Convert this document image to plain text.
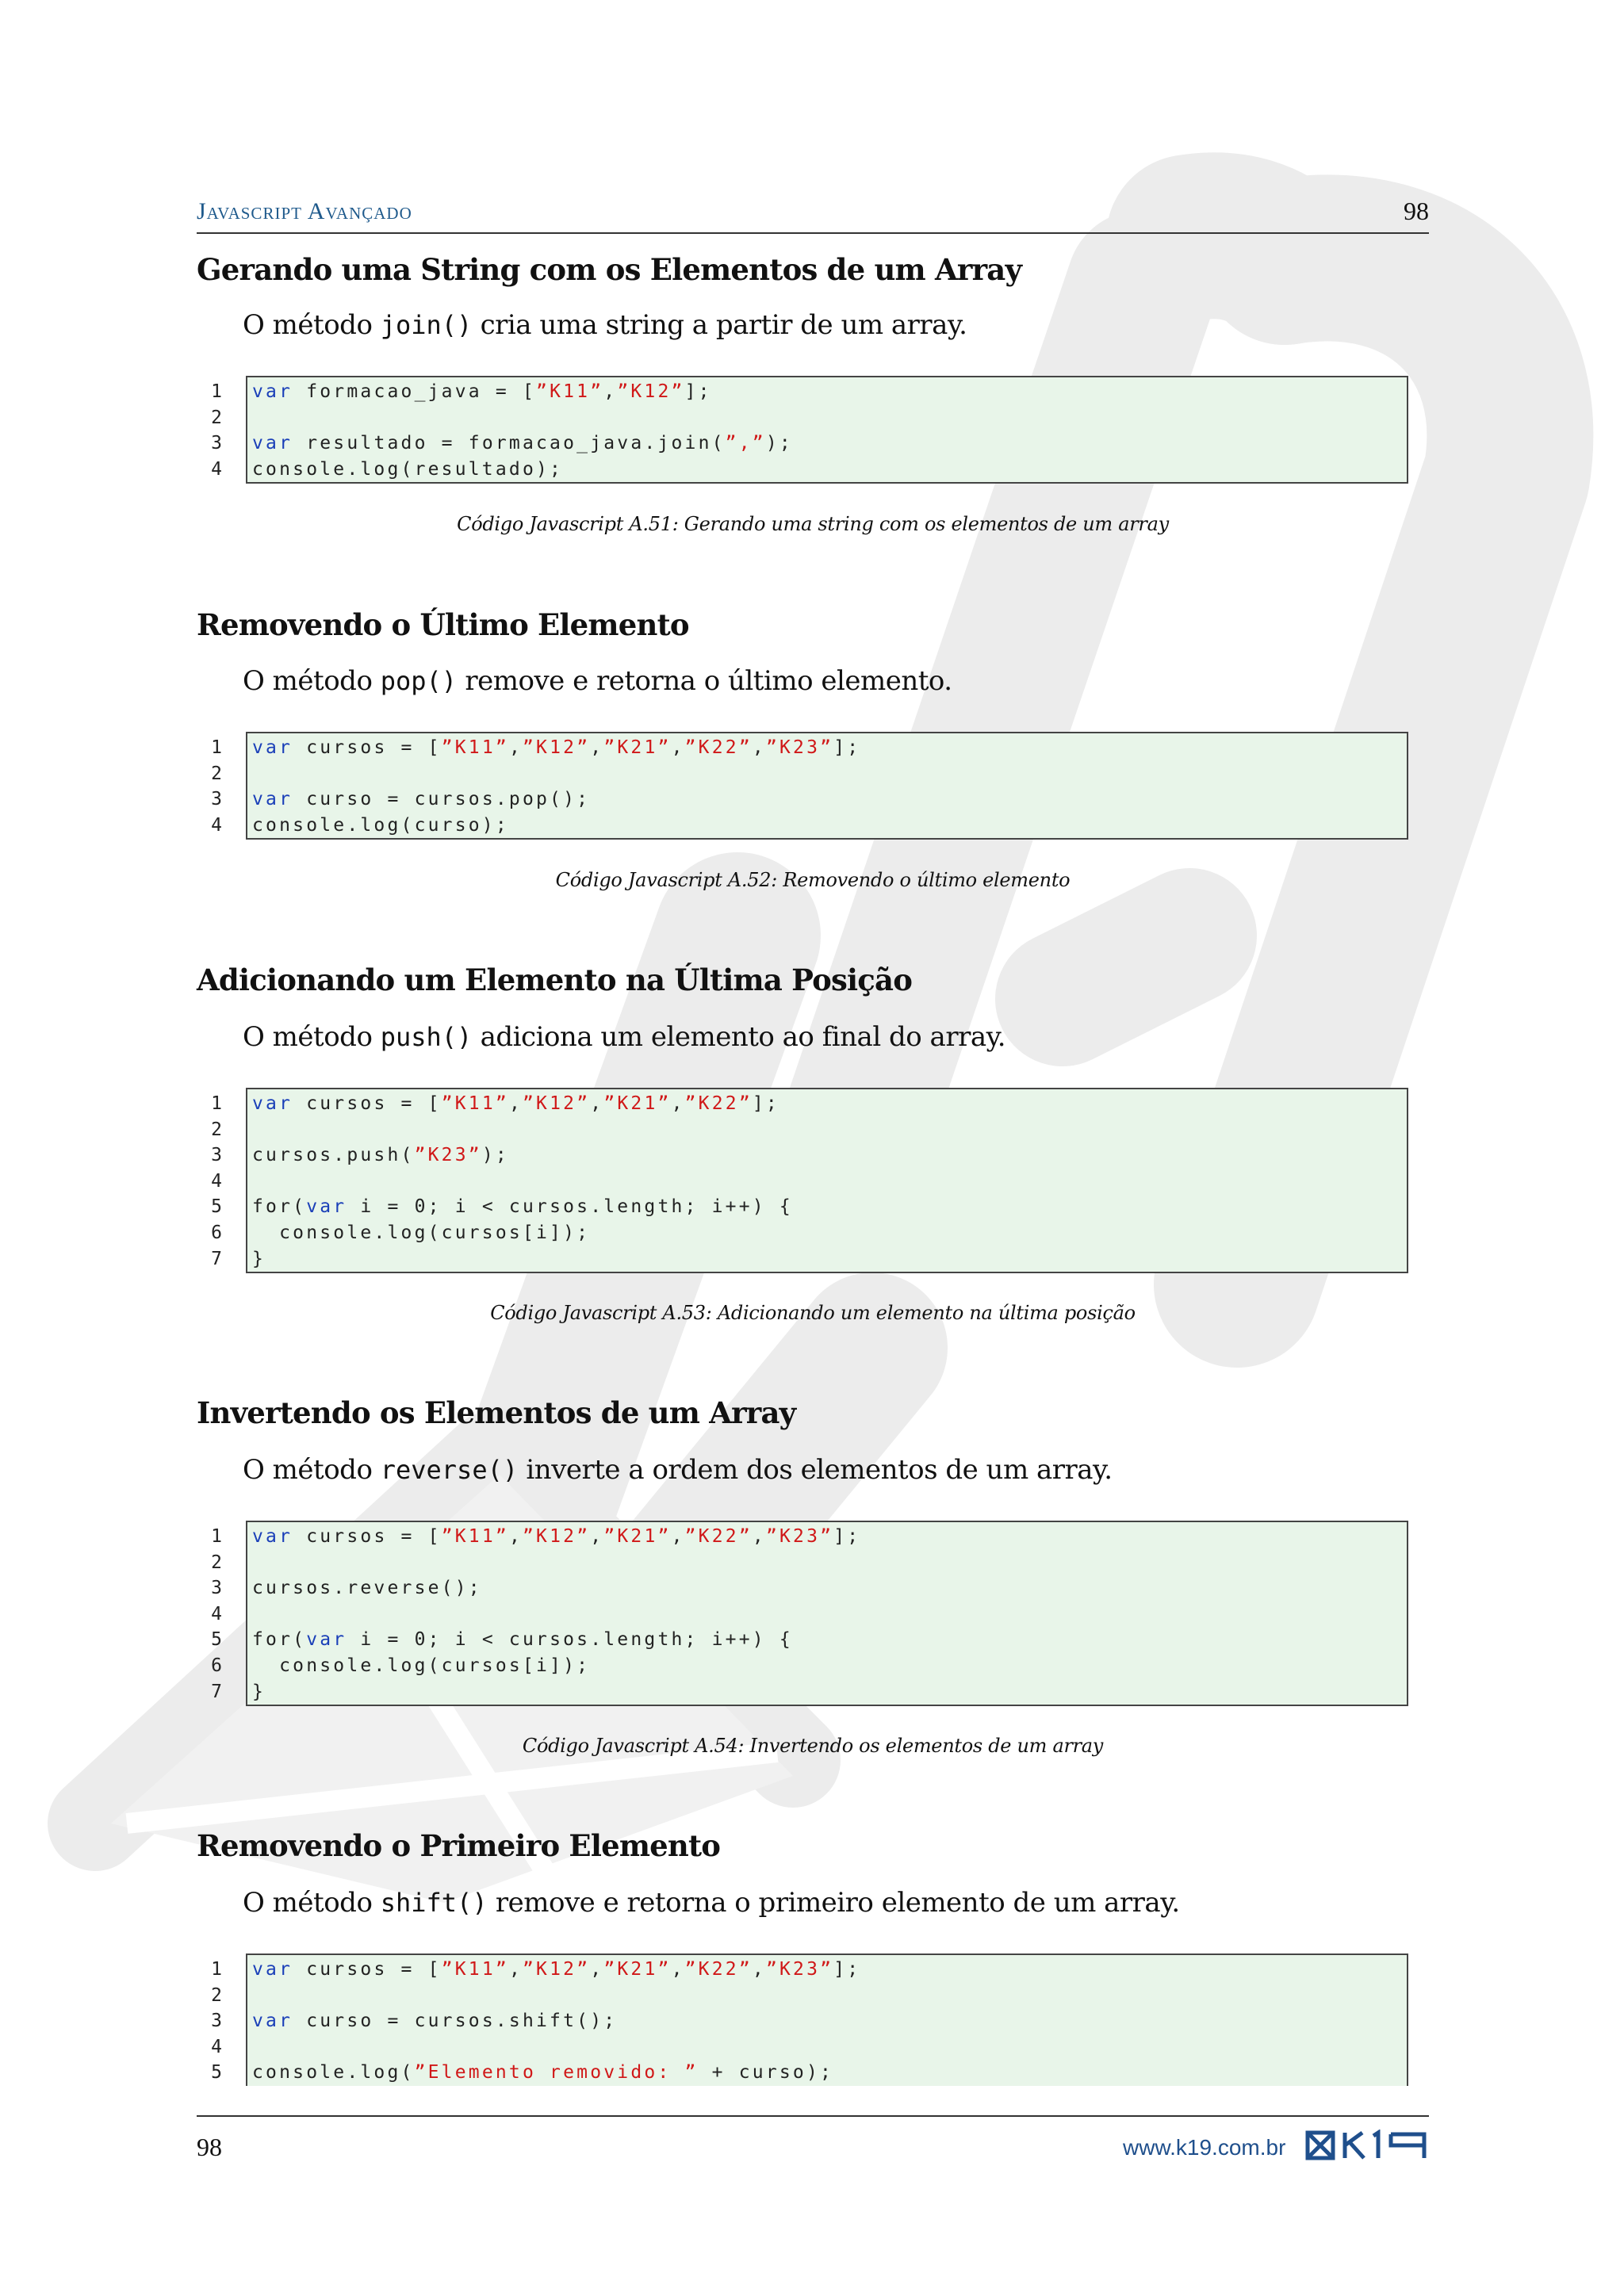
Javascript Avançado	98
Gerando uma String com os Elementos de um Array
O método join() cria uma string a partir de um array.
1
2
3
4
var formacao_java = [”K11”,”K12”];
var resultado = formacao_java.join(”,”);
console.log(resultado);
Código Javascript A.51: Gerando uma string com os elementos de um array
Removendo o Último Elemento
O método pop() remove e retorna o último elemento.
1
2
3
4
var cursos = [”K11”,”K12”,”K21”,”K22”,”K23”];
var curso = cursos.pop();
console.log(curso);
Código Javascript A.52: Removendo o último elemento
Adicionando um Elemento na Última Posição
O método push() adiciona um elemento ao final do array.
1
2
3
4
5
6
7
var cursos = [”K11”,”K12”,”K21”,”K22”];
cursos.push(”K23”);
for(var i = 0; i < cursos.length; i++) {
console.log(cursos[i]);
}
Código Javascript A.53: Adicionando um elemento na última posição
Invertendo os Elementos de um Array
O método reverse() inverte a ordem dos elementos de um array.
1
2
3
4
5
6
7
var cursos = [”K11”,”K12”,”K21”,”K22”,”K23”];
cursos.reverse();
for(var i = 0; i < cursos.length; i++) {
console.log(cursos[i]);
}
Código Javascript A.54: Invertendo os elementos de um array
Removendo o Primeiro Elemento
O método shift() remove e retorna o primeiro elemento de um array.
1
2
3
4
5
var cursos = [”K11”,”K12”,”K21”,”K22”,”K23”];
var curso = cursos.shift();
console.log(”Elemento removido: ” + curso);
98	www.k19.com.br
